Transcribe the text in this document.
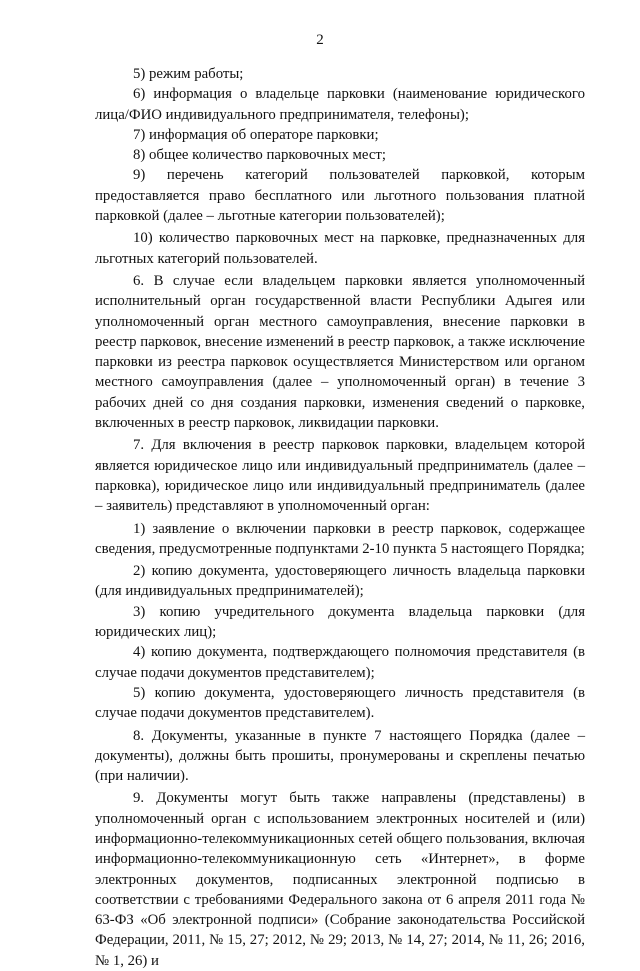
2

5) режим работы;

6) информация о владельце парковки (наименование юридического лица/ФИО индивидуального предпринимателя, телефоны);

7) информация об операторе парковки;

8) общее количество парковочных мест;

9) перечень категорий пользователей парковкой, которым предоставляется право бесплатного или льготного пользования платной парковкой (далее – льготные категории пользователей);

10) количество парковочных мест на парковке, предназначенных для льготных категорий пользователей.

6. В случае если владельцем парковки является уполномоченный исполнительный орган государственной власти Республики Адыгея или уполномоченный орган местного самоуправления, внесение парковки в реестр парковок, внесение изменений в реестр парковок, а также исключение парковки из реестра парковок осуществляется Министерством или органом местного самоуправления (далее – уполномоченный орган) в течение 3 рабочих дней со дня создания парковки, изменения сведений о парковке, включенных в реестр парковок, ликвидации парковки.

7. Для включения в реестр парковок парковки, владельцем которой является юридическое лицо или индивидуальный предприниматель (далее – парковка), юридическое лицо или индивидуальный предприниматель (далее – заявитель) представляют в уполномоченный орган:

1) заявление о включении парковки в реестр парковок, содержащее сведения, предусмотренные подпунктами 2-10 пункта 5 настоящего Порядка;

2) копию документа, удостоверяющего личность владельца парковки (для индивидуальных предпринимателей);

3) копию учредительного документа владельца парковки (для юридических лиц);

4) копию документа, подтверждающего полномочия представителя (в случае подачи документов представителем);

5) копию документа, удостоверяющего личность представителя (в случае подачи документов представителем).

8. Документы, указанные в пункте 7 настоящего Порядка (далее – документы), должны быть прошиты, пронумерованы и скреплены печатью (при наличии).

9. Документы могут быть также направлены (представлены) в уполномоченный орган с использованием электронных носителей и (или) информационно-телекоммуникационных сетей общего пользования, включая информационно-телекоммуникационную сеть «Интернет», в форме электронных документов, подписанных электронной подписью в соответствии с требованиями Федерального закона от 6 апреля 2011 года № 63-ФЗ «Об электронной подписи» (Собрание законодательства Российской Федерации, 2011, № 15, 27; 2012, № 29; 2013, № 14, 27; 2014, № 11, 26; 2016, № 1, 26) и
